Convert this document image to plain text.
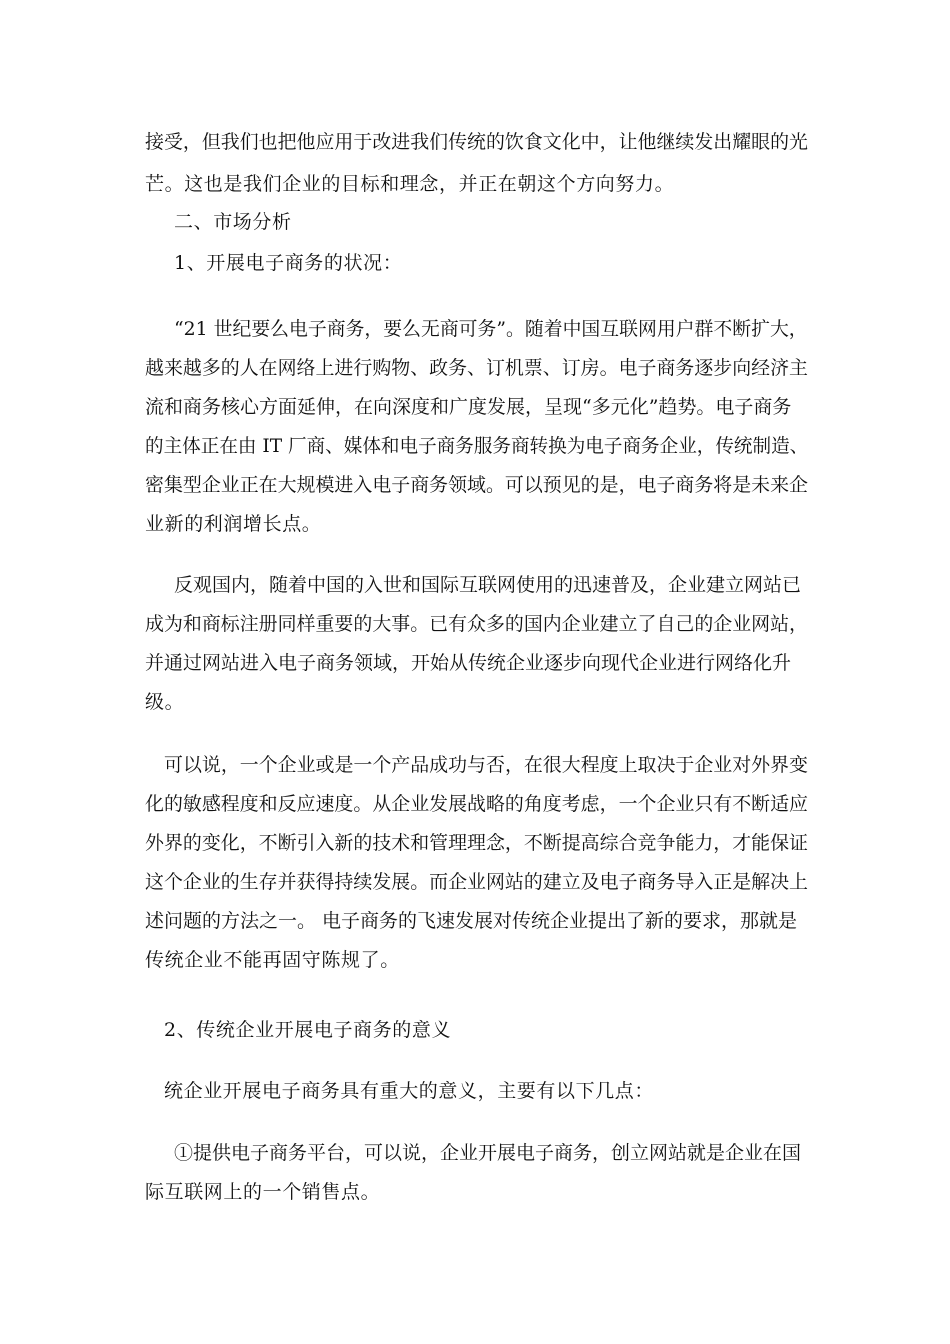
接受，但我们也把他应用于改进我们传统的饮食文化中，让他继续发出耀眼的光
芒。这也是我们企业的目标和理念，并正在朝这个方向努力。
二、市场分析
1、开展电子商务的状况：
“21 世纪要么电子商务，要么无商可务”。随着中国互联网用户群不断扩大，
越来越多的人在网络上进行购物、政务、订机票、订房。电子商务逐步向经济主
流和商务核心方面延伸，在向深度和广度发展，呈现“多元化”趋势。电子商务
的主体正在由 IT 厂商、媒体和电子商务服务商转换为电子商务企业，传统制造、
密集型企业正在大规模进入电子商务领域。可以预见的是，电子商务将是未来企
业新的利润增长点。
反观国内，随着中国的入世和国际互联网使用的迅速普及，企业建立网站已
成为和商标注册同样重要的大事。已有众多的国内企业建立了自己的企业网站，
并通过网站进入电子商务领域，开始从传统企业逐步向现代企业进行网络化升
级。
可以说，一个企业或是一个产品成功与否，在很大程度上取决于企业对外界变
化的敏感程度和反应速度。从企业发展战略的角度考虑，一个企业只有不断适应
外界的变化，不断引入新的技术和管理理念，不断提高综合竞争能力，才能保证
这个企业的生存并获得持续发展。而企业网站的建立及电子商务导入正是解决上
述问题的方法之一。 电子商务的飞速发展对传统企业提出了新的要求，那就是
传统企业不能再固守陈规了。
2、传统企业开展电子商务的意义
统企业开展电子商务具有重大的意义，主要有以下几点：
①提供电子商务平台，可以说，企业开展电子商务，创立网站就是企业在国
际互联网上的一个销售点。
